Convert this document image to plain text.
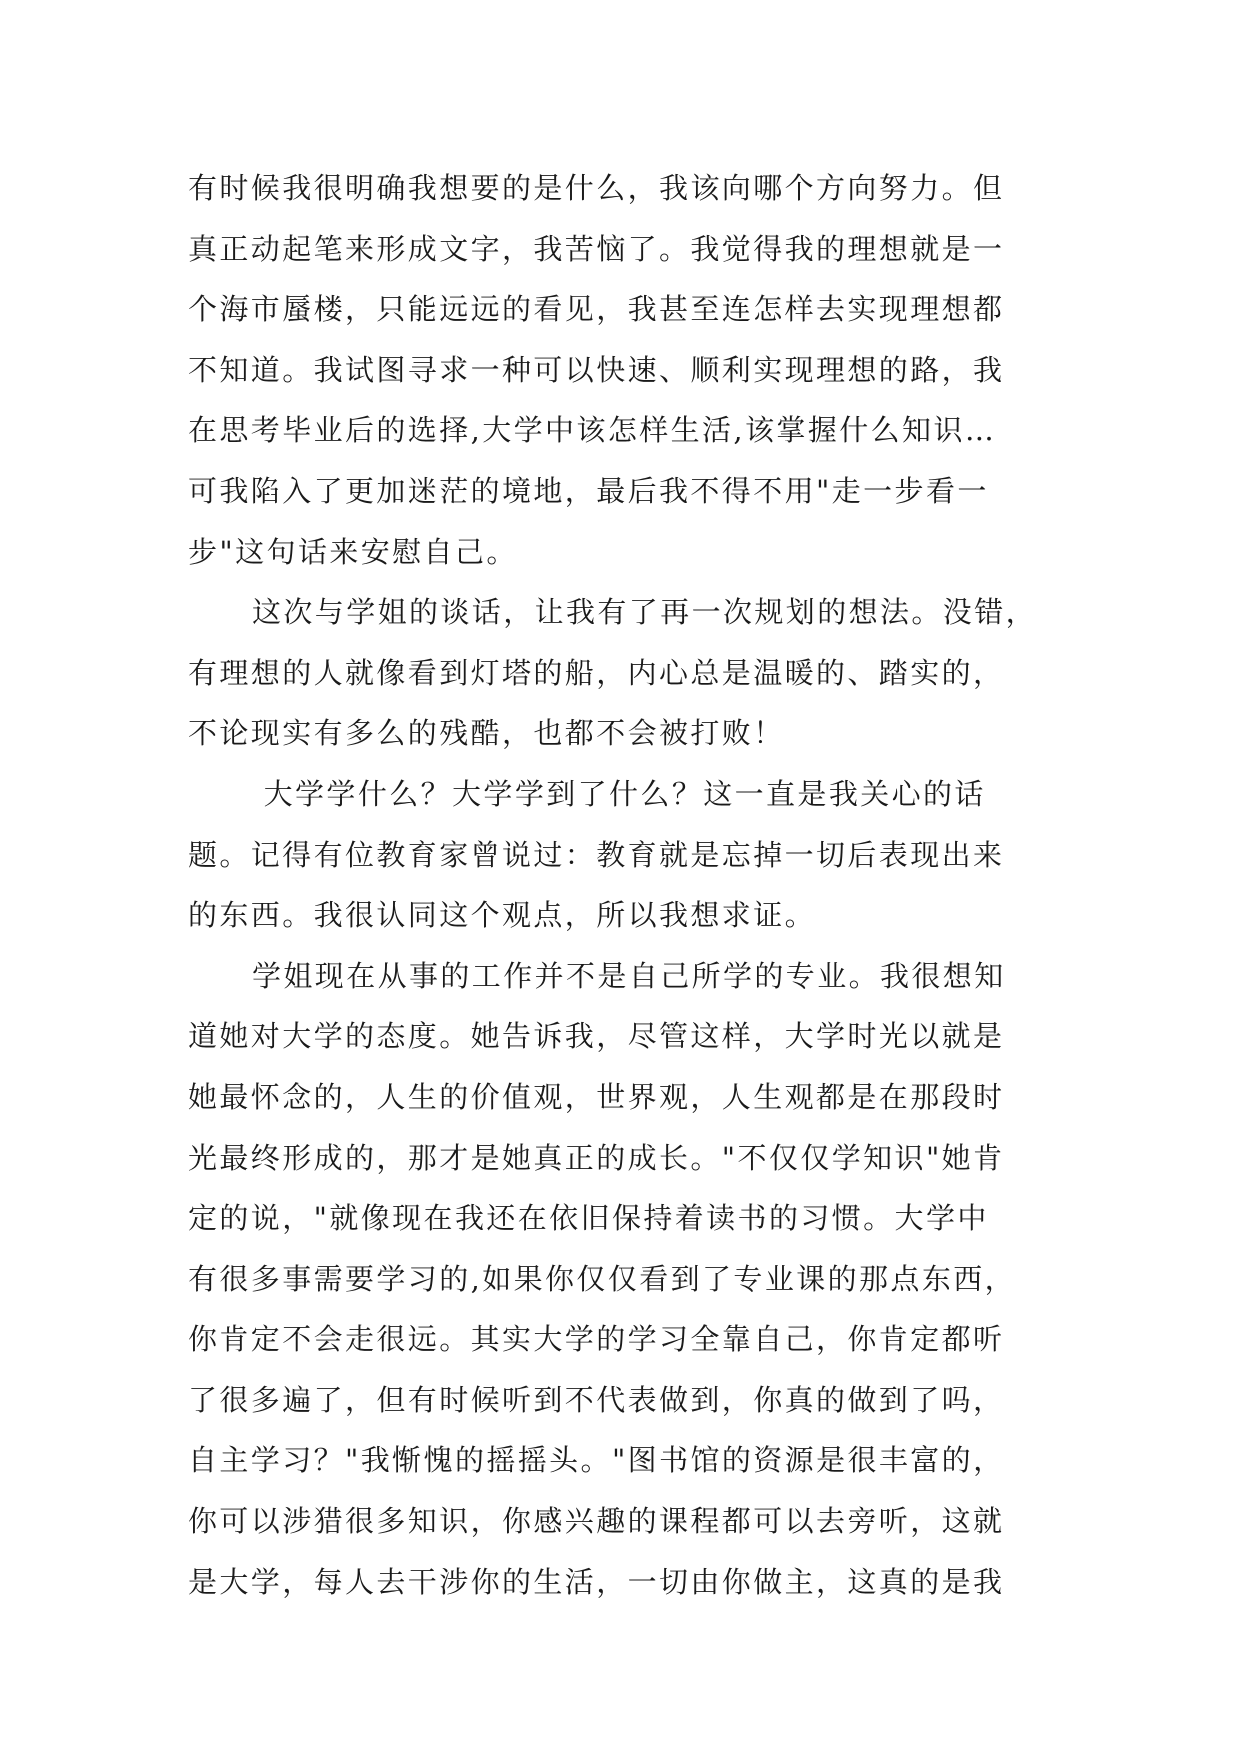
有时候我很明确我想要的是什么，我该向哪个方向努力。但
真正动起笔来形成文字，我苦恼了。我觉得我的理想就是一
个海市蜃楼，只能远远的看见，我甚至连怎样去实现理想都
不知道。我试图寻求一种可以快速、顺利实现理想的路，我
在思考毕业后的选择,大学中该怎样生活,该掌握什么知识…
可我陷入了更加迷茫的境地，最后我不得不用"走一步看一
步"这句话来安慰自己。
这次与学姐的谈话，让我有了再一次规划的想法。没错，
有理想的人就像看到灯塔的船，内心总是温暖的、踏实的，
不论现实有多么的残酷，也都不会被打败！
大学学什么？大学学到了什么？这一直是我关心的话
题。记得有位教育家曾说过：教育就是忘掉一切后表现出来
的东西。我很认同这个观点，所以我想求证。
学姐现在从事的工作并不是自己所学的专业。我很想知
道她对大学的态度。她告诉我，尽管这样，大学时光以就是
她最怀念的，人生的价值观，世界观，人生观都是在那段时
光最终形成的，那才是她真正的成长。"不仅仅学知识"她肯
定的说，"就像现在我还在依旧保持着读书的习惯。大学中
有很多事需要学习的,如果你仅仅看到了专业课的那点东西，
你肯定不会走很远。其实大学的学习全靠自己，你肯定都听
了很多遍了，但有时候听到不代表做到，你真的做到了吗，
自主学习？"我惭愧的摇摇头。"图书馆的资源是很丰富的，
你可以涉猎很多知识，你感兴趣的课程都可以去旁听，这就
是大学，每人去干涉你的生活，一切由你做主，这真的是我
